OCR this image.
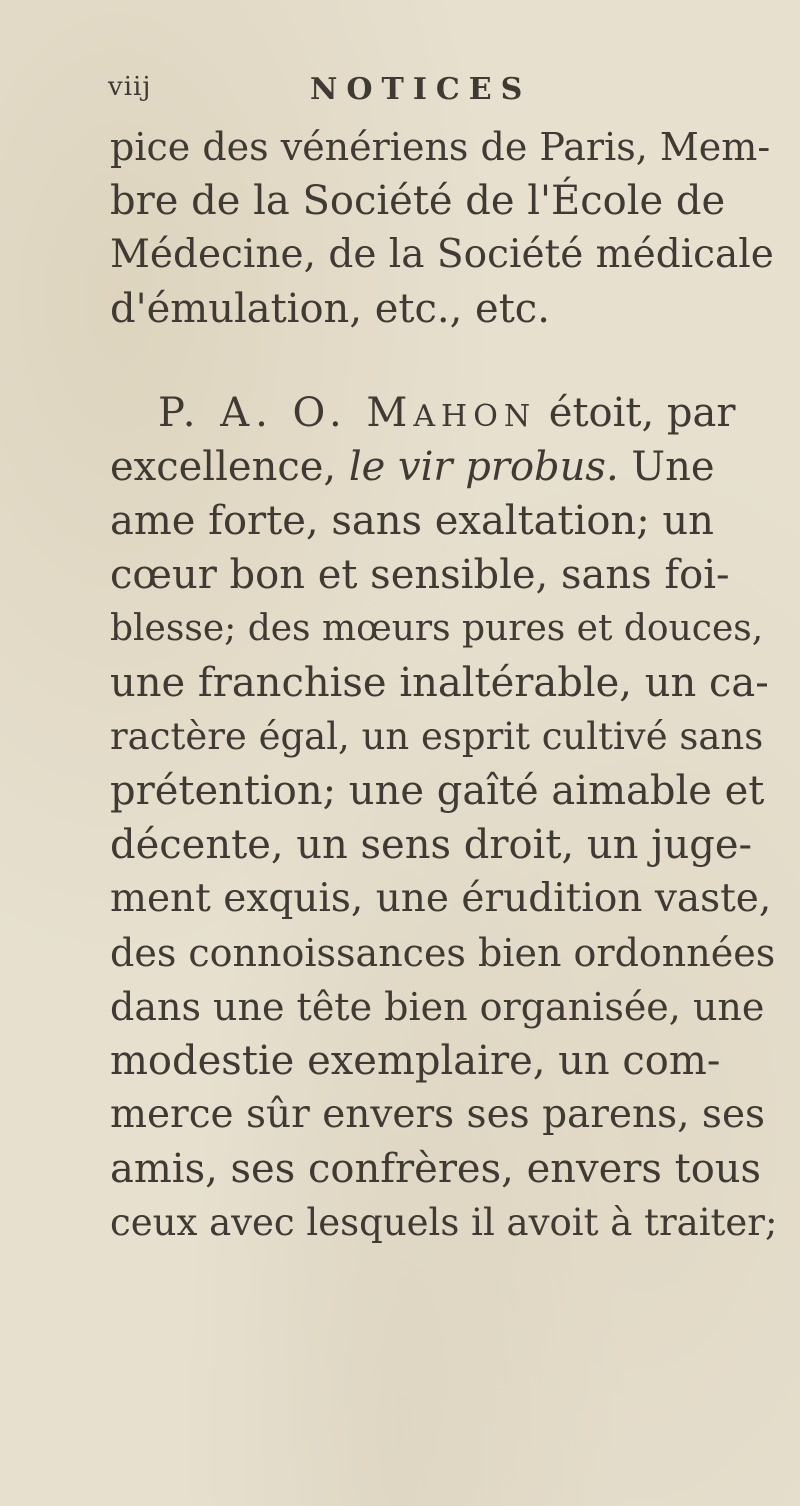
viij	NOTICES
pice des vénériens de Paris, Mem-
bre de la Société de l'École de
Médecine, de la Société médicale
d'émulation, etc., etc.
P. A. O. MAHON étoit, par
excellence, le vir probus. Une
ame forte, sans exaltation; un
cœur bon et sensible, sans foi-
blesse; des mœurs pures et douces,
une franchise inaltérable, un ca-
ractère égal, un esprit cultivé sans
prétention; une gaîté aimable et
décente, un sens droit, un juge-
ment exquis, une érudition vaste,
des connoissances bien ordonnées
dans une tête bien organisée, une
modestie exemplaire, un com-
merce sûr envers ses parens, ses
amis, ses confrères, envers tous
ceux avec lesquels il avoit à traiter;
